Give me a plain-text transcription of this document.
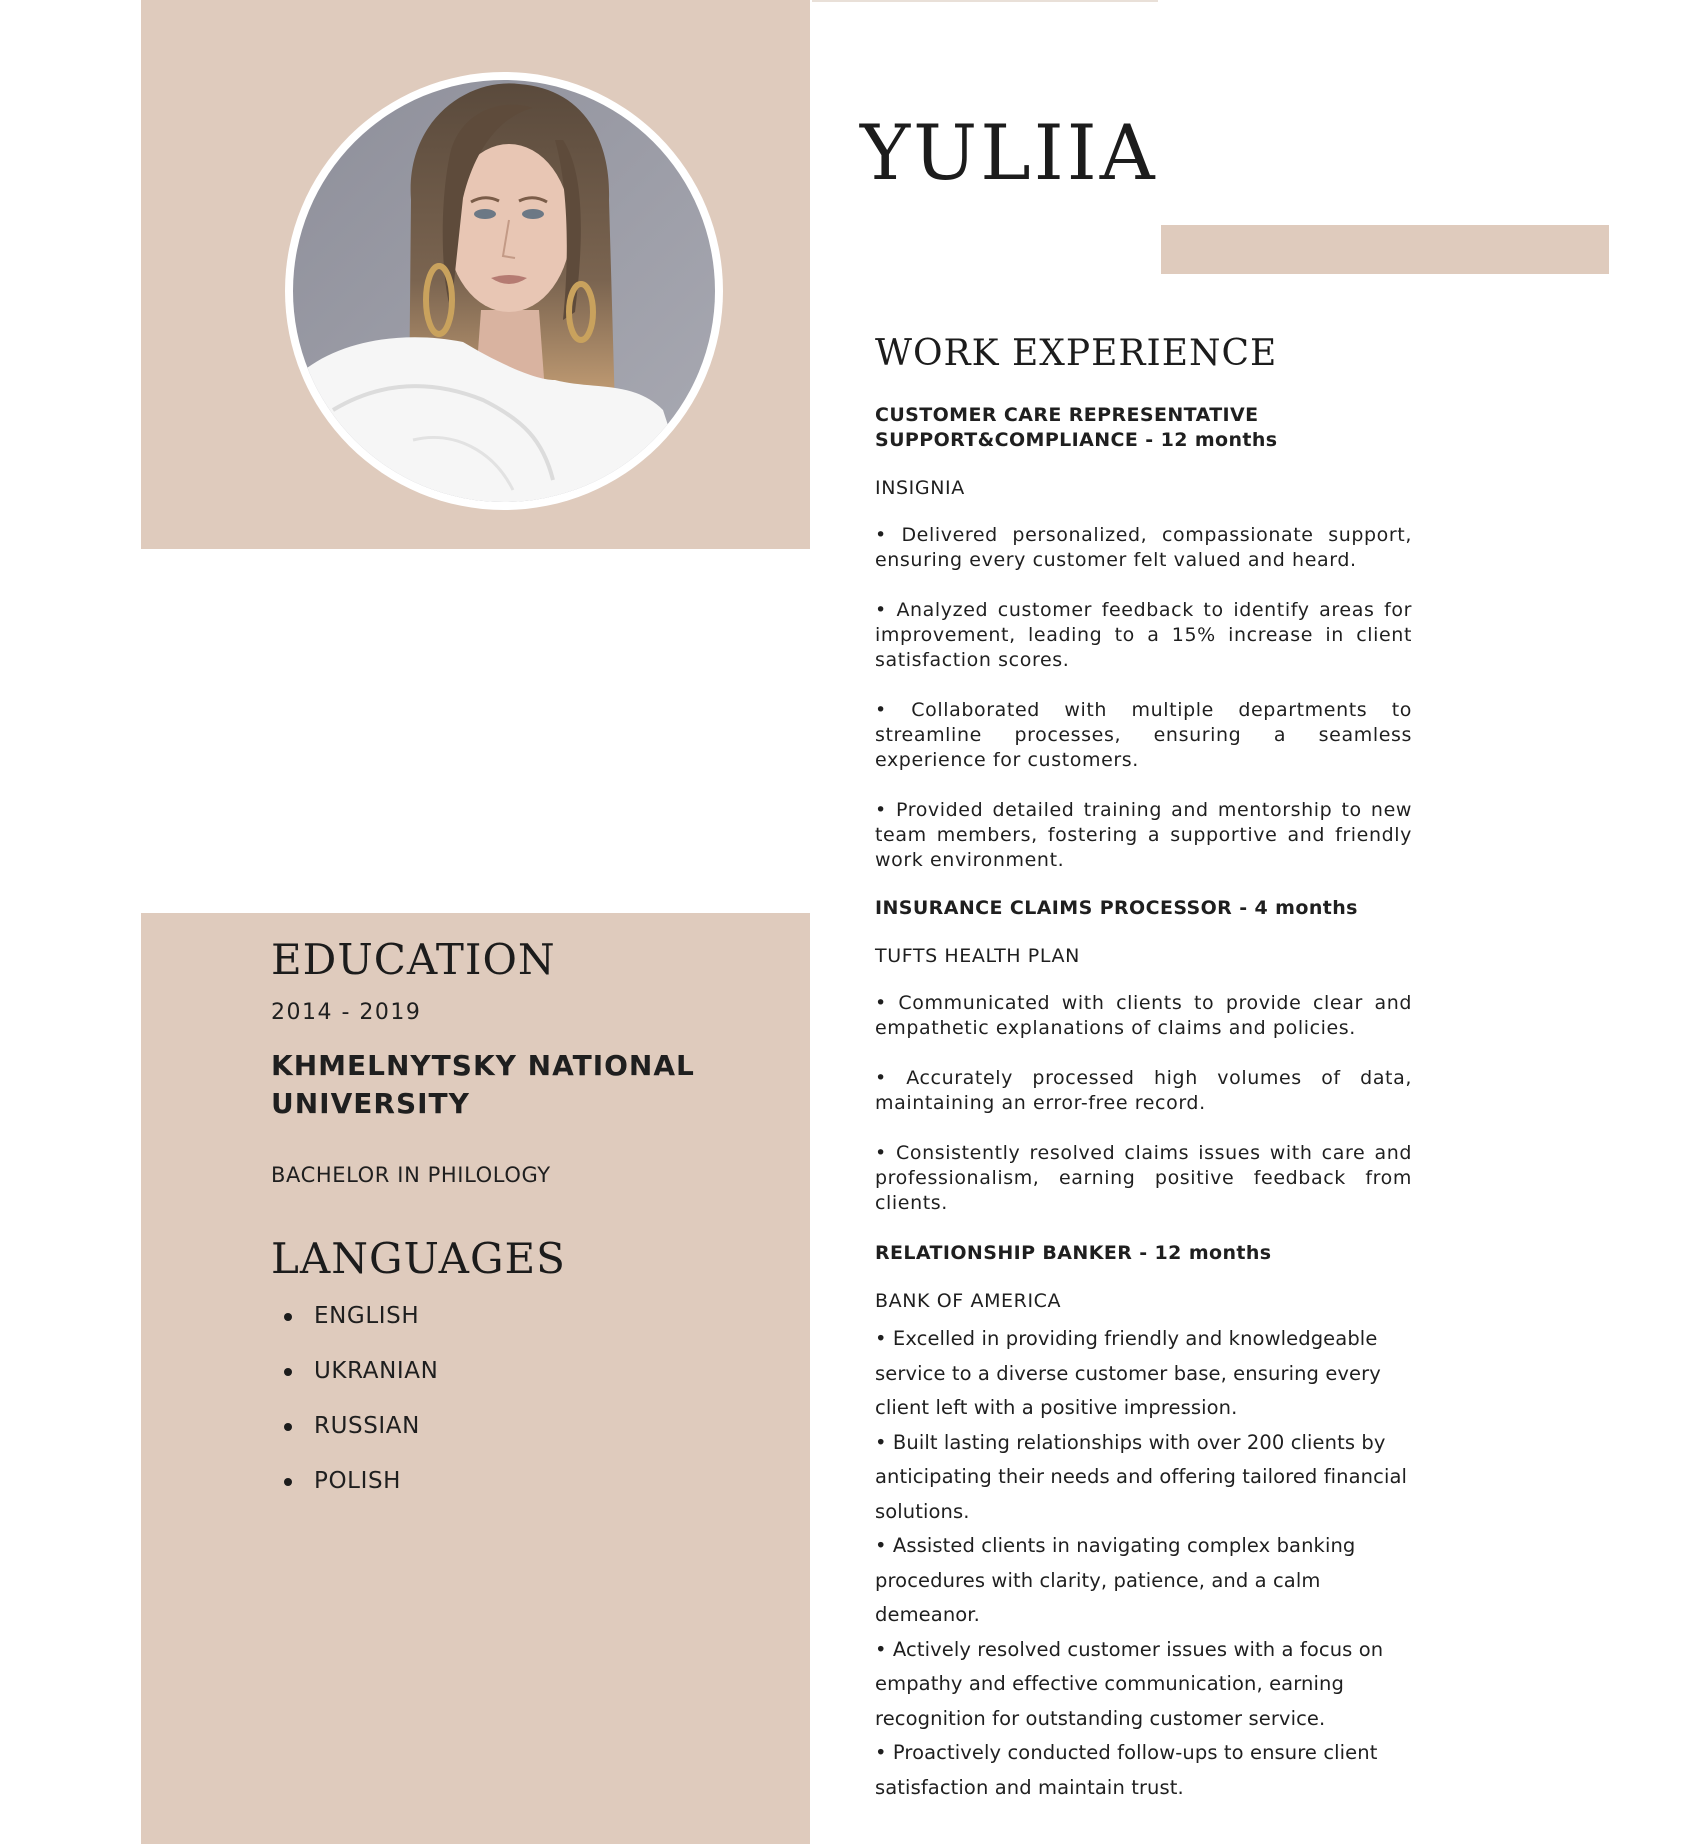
YULIIA
WORK EXPERIENCE

CUSTOMER CARE REPRESENTATIVE
SUPPORT&COMPLIANCE - 12 months

INSIGNIA

• Delivered personalized, compassionate support, ensuring every customer felt valued and heard.

• Analyzed customer feedback to identify areas for improvement, leading to a 15% increase in client satisfaction scores.

• Collaborated with multiple departments to streamline processes, ensuring a seamless experience for customers.

• Provided detailed training and mentorship to new team members, fostering a supportive and friendly work environment.

INSURANCE CLAIMS PROCESSOR - 4 months

TUFTS HEALTH PLAN

• Communicated with clients to provide clear and empathetic explanations of claims and policies.

• Accurately processed high volumes of data, maintaining an error-free record.

• Consistently resolved claims issues with care and professionalism, earning positive feedback from clients.

RELATIONSHIP BANKER - 12 months

BANK OF AMERICA

• Excelled in providing friendly and knowledgeable service to a diverse customer base, ensuring every client left with a positive impression.

• Built lasting relationships with over 200 clients by anticipating their needs and offering tailored financial solutions.

• Assisted clients in navigating complex banking procedures with clarity, patience, and a calm demeanor.

• Actively resolved customer issues with a focus on empathy and effective communication, earning recognition for outstanding customer service.

• Proactively conducted follow-ups to ensure client satisfaction and maintain trust.

EDUCATION

2014 - 2019

KHMELNYTSKY NATIONAL UNIVERSITY

BACHELOR IN PHILOLOGY

LANGUAGES
ENGLISH
UKRANIAN
RUSSIAN
POLISH
